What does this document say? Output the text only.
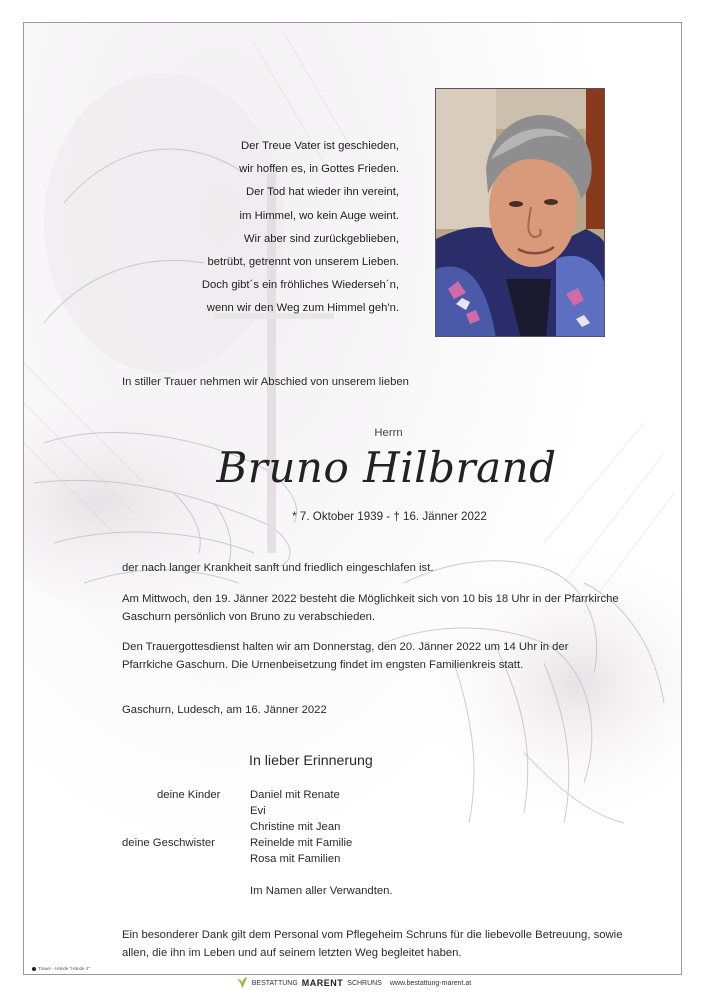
Der Treue Vater ist geschieden,
wir hoffen es, in Gottes Frieden.
Der Tod hat wieder ihn vereint,
im Himmel, wo kein Auge weint.
Wir aber sind zurückgeblieben,
betrübt, getrennt von unserem Lieben.
Doch gibt´s ein fröhliches Wiederseh´n,
wenn wir den Weg zum Himmel geh'n.
In stiller Trauer nehmen wir Abschied von unserem lieben
Herrn
Bruno Hilbrand
* 7. Oktober 1939 - † 16. Jänner 2022
der nach langer Krankheit sanft und friedlich eingeschlafen ist.
Am Mittwoch, den 19. Jänner 2022 besteht die Möglichkeit sich von 10 bis 18 Uhr in der Pfarrkirche Gaschurn persönlich von Bruno zu verabschieden.
Den Trauergottesdienst halten wir am Donnerstag, den 20. Jänner 2022 um 14 Uhr in der Pfarrkiche Gaschurn. Die Urnenbeisetzung findet im engsten Familienkreis statt.
Gaschurn, Ludesch, am 16. Jänner 2022
In lieber Erinnerung
deine Kinder	Daniel mit Renate
Evi
Christine mit Jean
deine Geschwister	Reinelde mit Familie
Rosa mit Familien
Im Namen aller Verwandten.
Ein besonderer Dank gilt dem Personal vom Pflegeheim Schruns für die liebevolle Betreuung, sowie allen, die ihn im Leben und auf seinem letzten Weg begleitet haben.
Trauer - Hände "Hände 4"
BESTATTUNG MARENT SCHRUNS www.bestattung-marent.at
